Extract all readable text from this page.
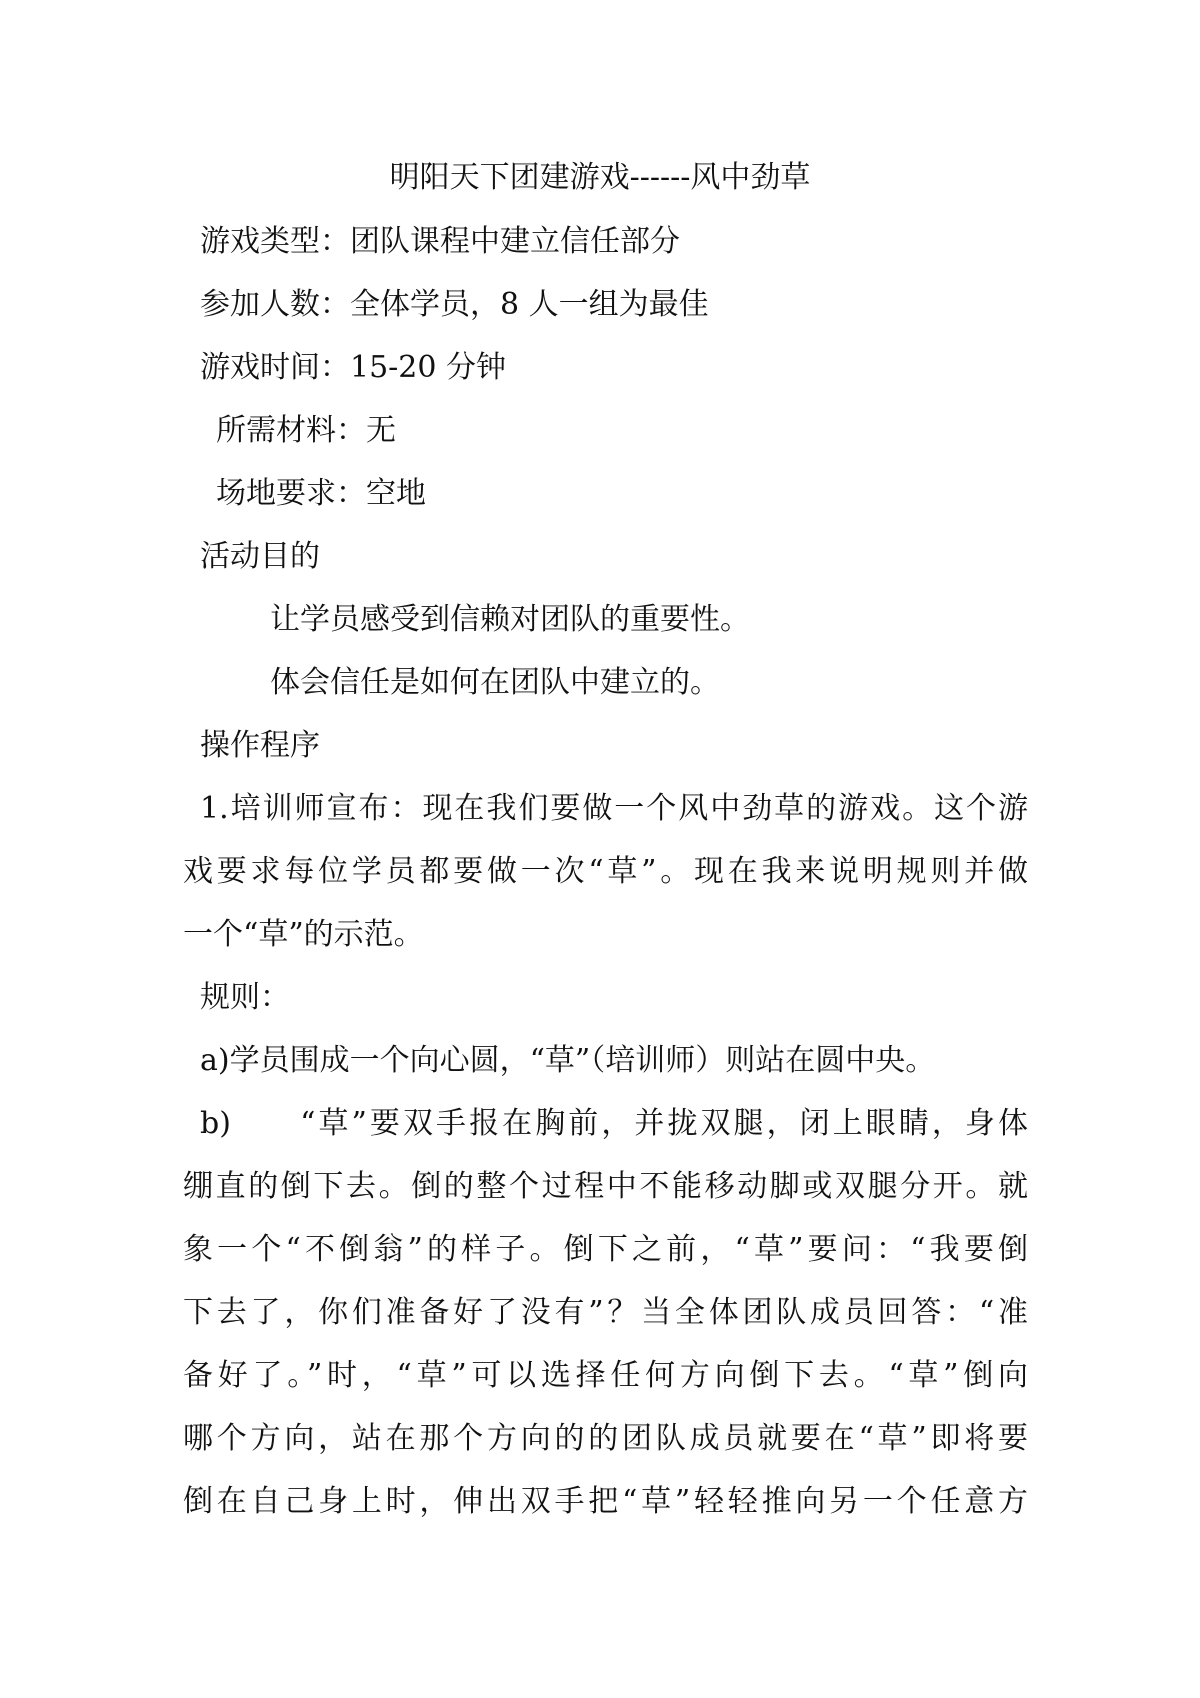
明阳天下团建游戏------风中劲草
游戏类型：团队课程中建立信任部分
参加人数：全体学员，8 人一组为最佳
游戏时间：15-20 分钟
所需材料：无
场地要求：空地
活动目的
让学员感受到信赖对团队的重要性。
体会信任是如何在团队中建立的。
操作程序
1.培训师宣布：现在我们要做一个风中劲草的游戏。这个游
戏要求每位学员都要做一次“草”。现在我来说明规则并做
一个“草”的示范。
规则：
a)学员围成一个向心圆，“草”（培训师）则站在圆中央。
b)　　“草”要双手报在胸前，并拢双腿，闭上眼睛，身体
绷直的倒下去。倒的整个过程中不能移动脚或双腿分开。就
象一个“不倒翁”的样子。倒下之前，“草”要问：“我要倒
下去了，你们准备好了没有”？当全体团队成员回答：“准
备好了。”时，“草”可以选择任何方向倒下去。“草”倒向
哪个方向，站在那个方向的的团队成员就要在“草”即将要
倒在自己身上时，伸出双手把“草”轻轻推向另一个任意方
